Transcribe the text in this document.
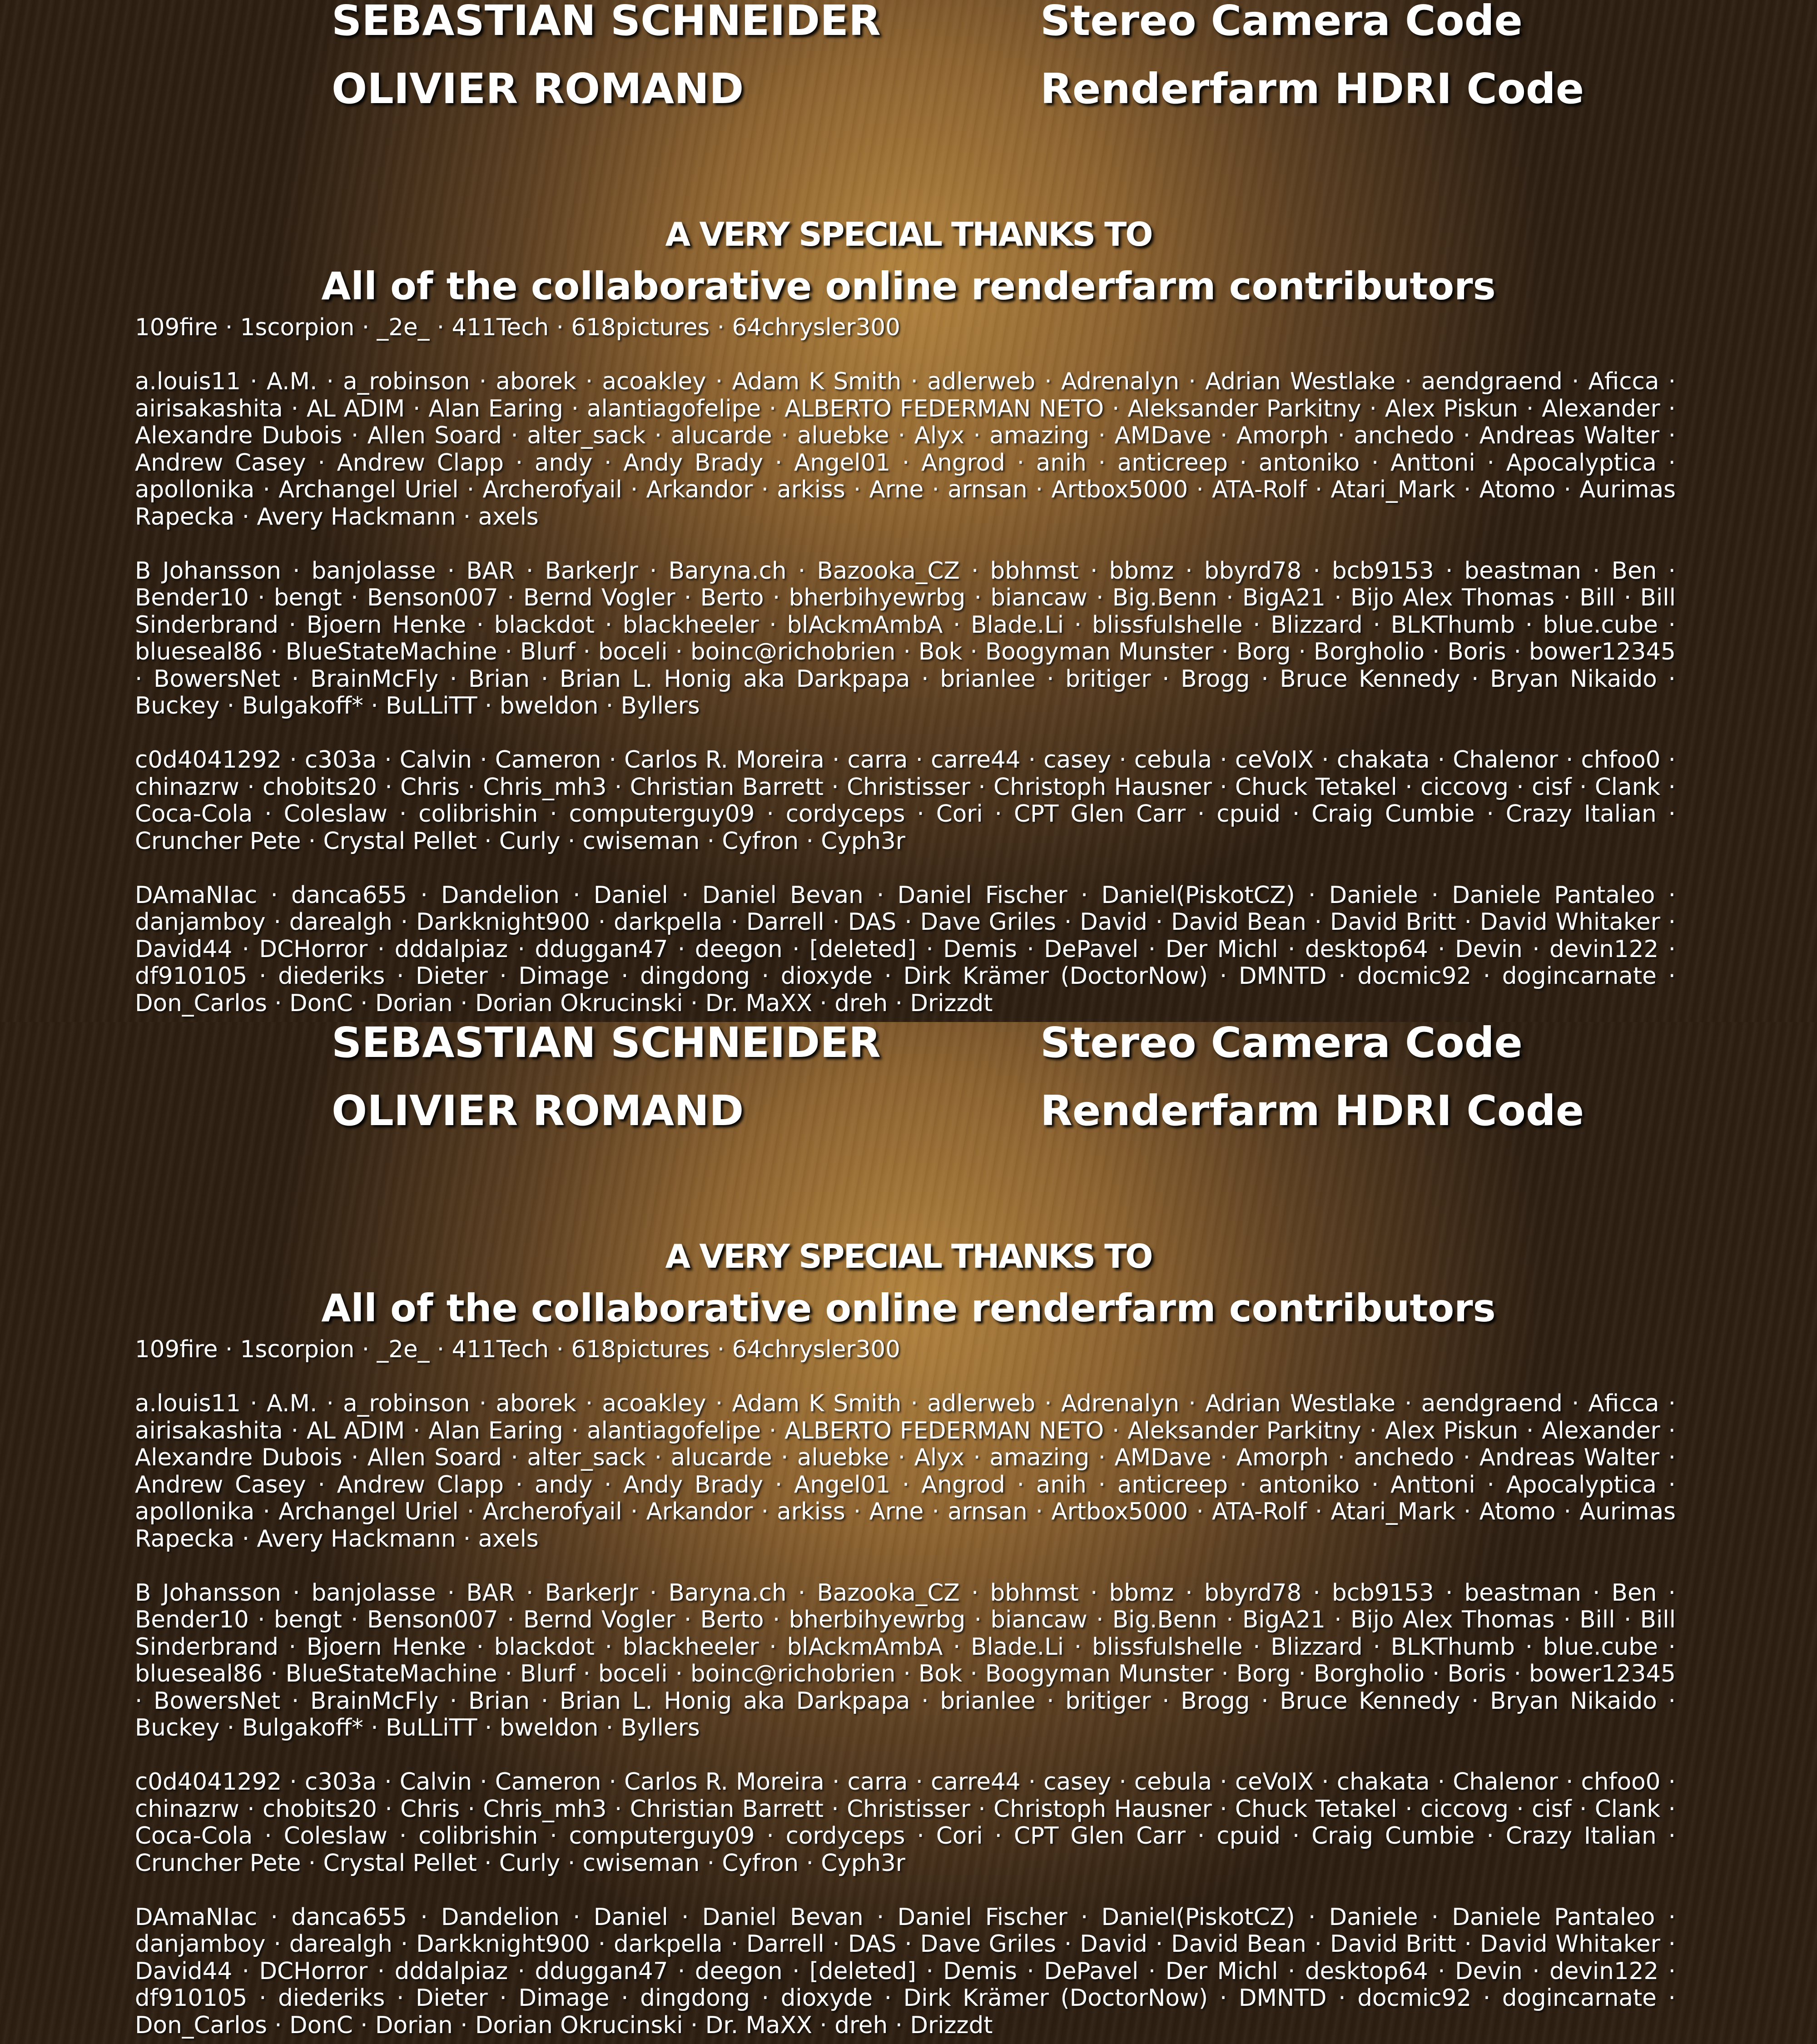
SEBASTIAN SCHNEIDER	Stereo Camera Code
OLIVIER ROMAND	Renderfarm HDRI Code
A VERY SPECIAL THANKS TO
All of the collaborative online renderfarm contributors
109fire · 1scorpion · _2e_ · 411Tech · 618pictures · 64chrysler300
a.louis11 · A.M. · a_robinson · aborek · acoakley · Adam K Smith · adlerweb · Adrenalyn · Adrian Westlake · aendgraend · Aficca · airisakashita · AL ADIM · Alan Earing · alantiagofelipe · ALBERTO FEDERMAN NETO · Aleksander Parkitny · Alex Piskun · Alexander · Alexandre Dubois · Allen Soard · alter_sack · alucarde · aluebke · Alyx · amazing · AMDave · Amorph · anchedo · Andreas Walter · Andrew Casey · Andrew Clapp · andy · Andy Brady · Angel01 · Angrod · anih · anticreep · antoniko · Anttoni · Apocalyptica · apollonika · Archangel Uriel · Archerofyail · Arkandor · arkiss · Arne · arnsan · Artbox5000 · ATA-Rolf · Atari_Mark · Atomo · Aurimas Rapecka · Avery Hackmann · axels
B Johansson · banjolasse · BAR · BarkerJr · Baryna.ch · Bazooka_CZ · bbhmst · bbmz · bbyrd78 · bcb9153 · beastman · Ben · Bender10 · bengt · Benson007 · Bernd Vogler · Berto · bherbihyewrbg · biancaw · Big.Benn · BigA21 · Bijo Alex Thomas · Bill · Bill Sinderbrand · Bjoern Henke · blackdot · blackheeler · blAckmAmbA · Blade.Li · blissfulshelle · Blizzard · BLKThumb · blue.cube · blueseal86 · BlueStateMachine · Blurf · boceli · boinc@richobrien · Bok · Boogyman Munster · Borg · Borgholio · Boris · bower12345 · BowersNet · BrainMcFly · Brian · Brian L. Honig aka Darkpapa · brianlee · britiger · Brogg · Bruce Kennedy · Bryan Nikaido · Buckey · Bulgakoff* · BuLLiTT · bweldon · Byllers
c0d4041292 · c303a · Calvin · Cameron · Carlos R. Moreira · carra · carre44 · casey · cebula · ceVoIX · chakata · Chalenor · chfoo0 · chinazrw · chobits20 · Chris · Chris_mh3 · Christian Barrett · Christisser · Christoph Hausner · Chuck Tetakel · ciccovg · cisf · Clank · Coca-Cola · Coleslaw · colibrishin · computerguy09 · cordyceps · Cori · CPT Glen Carr · cpuid · Craig Cumbie · Crazy Italian · Cruncher Pete · Crystal Pellet · Curly · cwiseman · Cyfron · Cyph3r
DAmaNIac · danca655 · Dandelion · Daniel · Daniel Bevan · Daniel Fischer · Daniel(PiskotCZ) · Daniele · Daniele Pantaleo · danjamboy · darealgh · Darkknight900 · darkpella · Darrell · DAS · Dave Griles · David · David Bean · David Britt · David Whitaker · David44 · DCHorror · dddalpiaz · dduggan47 · deegon · [deleted] · Demis · DePavel · Der Michl · desktop64 · Devin · devin122 · df910105 · diederiks · Dieter · Dimage · dingdong · dioxyde · Dirk Krämer (DoctorNow) · DMNTD · docmic92 · dogincarnate · Don_Carlos · DonC · Dorian · Dorian Okrucinski · Dr. MaXX · dreh · Drizzdt
SEBASTIAN SCHNEIDER	Stereo Camera Code
OLIVIER ROMAND	Renderfarm HDRI Code
A VERY SPECIAL THANKS TO
All of the collaborative online renderfarm contributors
109fire · 1scorpion · _2e_ · 411Tech · 618pictures · 64chrysler300
a.louis11 · A.M. · a_robinson · aborek · acoakley · Adam K Smith · adlerweb · Adrenalyn · Adrian Westlake · aendgraend · Aficca · airisakashita · AL ADIM · Alan Earing · alantiagofelipe · ALBERTO FEDERMAN NETO · Aleksander Parkitny · Alex Piskun · Alexander · Alexandre Dubois · Allen Soard · alter_sack · alucarde · aluebke · Alyx · amazing · AMDave · Amorph · anchedo · Andreas Walter · Andrew Casey · Andrew Clapp · andy · Andy Brady · Angel01 · Angrod · anih · anticreep · antoniko · Anttoni · Apocalyptica · apollonika · Archangel Uriel · Archerofyail · Arkandor · arkiss · Arne · arnsan · Artbox5000 · ATA-Rolf · Atari_Mark · Atomo · Aurimas Rapecka · Avery Hackmann · axels
B Johansson · banjolasse · BAR · BarkerJr · Baryna.ch · Bazooka_CZ · bbhmst · bbmz · bbyrd78 · bcb9153 · beastman · Ben · Bender10 · bengt · Benson007 · Bernd Vogler · Berto · bherbihyewrbg · biancaw · Big.Benn · BigA21 · Bijo Alex Thomas · Bill · Bill Sinderbrand · Bjoern Henke · blackdot · blackheeler · blAckmAmbA · Blade.Li · blissfulshelle · Blizzard · BLKThumb · blue.cube · blueseal86 · BlueStateMachine · Blurf · boceli · boinc@richobrien · Bok · Boogyman Munster · Borg · Borgholio · Boris · bower12345 · BowersNet · BrainMcFly · Brian · Brian L. Honig aka Darkpapa · brianlee · britiger · Brogg · Bruce Kennedy · Bryan Nikaido · Buckey · Bulgakoff* · BuLLiTT · bweldon · Byllers
c0d4041292 · c303a · Calvin · Cameron · Carlos R. Moreira · carra · carre44 · casey · cebula · ceVoIX · chakata · Chalenor · chfoo0 · chinazrw · chobits20 · Chris · Chris_mh3 · Christian Barrett · Christisser · Christoph Hausner · Chuck Tetakel · ciccovg · cisf · Clank · Coca-Cola · Coleslaw · colibrishin · computerguy09 · cordyceps · Cori · CPT Glen Carr · cpuid · Craig Cumbie · Crazy Italian · Cruncher Pete · Crystal Pellet · Curly · cwiseman · Cyfron · Cyph3r
DAmaNIac · danca655 · Dandelion · Daniel · Daniel Bevan · Daniel Fischer · Daniel(PiskotCZ) · Daniele · Daniele Pantaleo · danjamboy · darealgh · Darkknight900 · darkpella · Darrell · DAS · Dave Griles · David · David Bean · David Britt · David Whitaker · David44 · DCHorror · dddalpiaz · dduggan47 · deegon · [deleted] · Demis · DePavel · Der Michl · desktop64 · Devin · devin122 · df910105 · diederiks · Dieter · Dimage · dingdong · dioxyde · Dirk Krämer (DoctorNow) · DMNTD · docmic92 · dogincarnate · Don_Carlos · DonC · Dorian · Dorian Okrucinski · Dr. MaXX · dreh · Drizzdt
